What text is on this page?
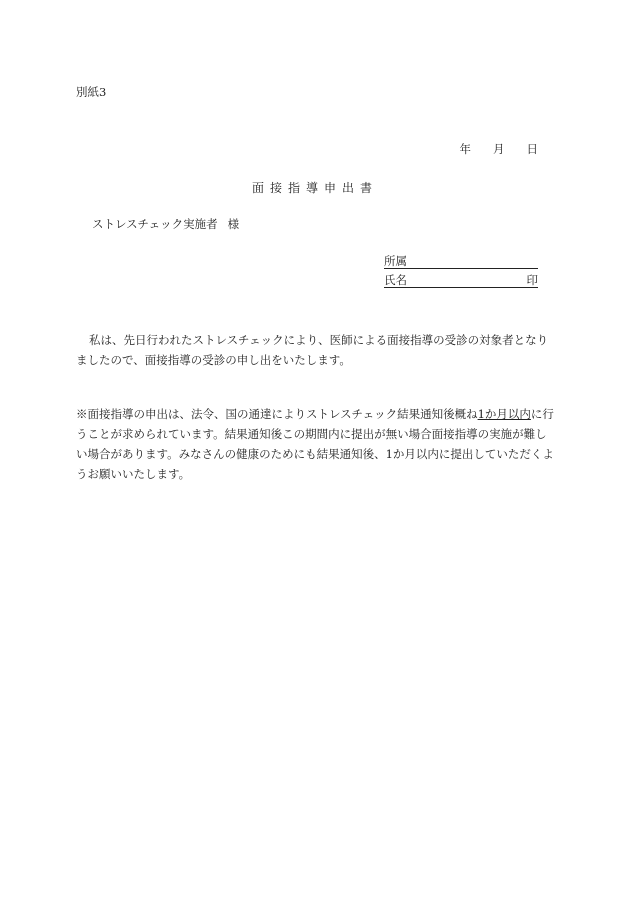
別紙3
年 月 日
面接指導申出書
ストレスチェック実施者 様
所属
氏名	印
私は、先日行われたストレスチェックにより、医師による面接指導の受診の対象者となりましたので、面接指導の受診の申し出をいたします。
※面接指導の申出は、法令、国の通達によりストレスチェック結果通知後概ね1か月以内に行うことが求められています。結果通知後この期間内に提出が無い場合面接指導の実施が難しい場合があります。みなさんの健康のためにも結果通知後、1か月以内に提出していただくようお願いいたします。
